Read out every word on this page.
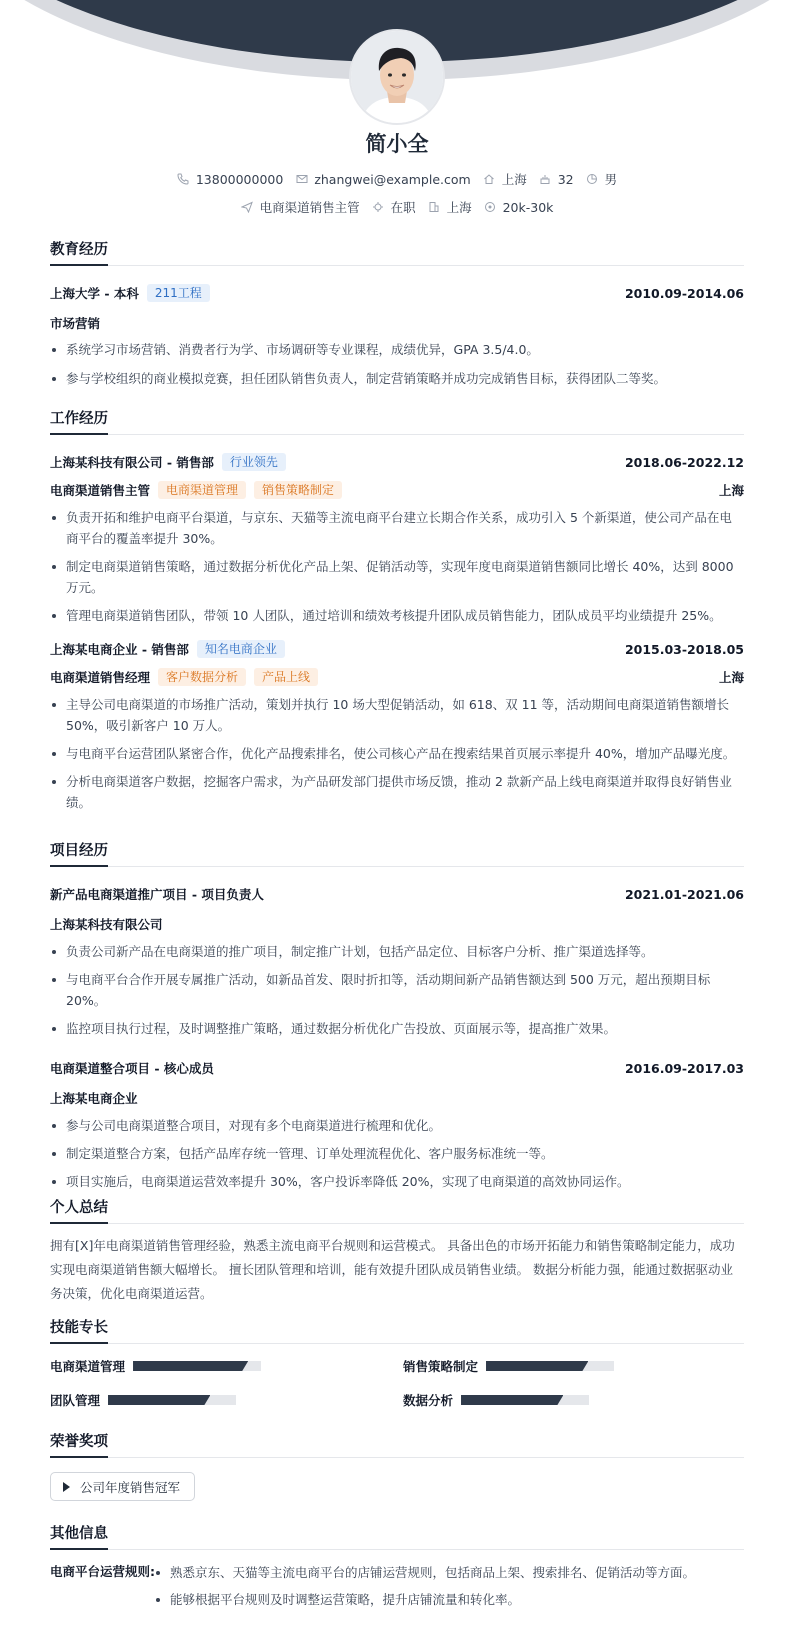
简小全
13800000000 zhangwei@example.com 上海 32 男
电商渠道销售主管 在职 上海 20k-30k
教育经历
上海大学 - 本科	211工程	2010.09-2014.06
市场营销
系统学习市场营销、消费者行为学、市场调研等专业课程，成绩优异，GPA 3.5/4.0。
参与学校组织的商业模拟竞赛，担任团队销售负责人，制定营销策略并成功完成销售目标，获得团队二等奖。
工作经历
上海某科技有限公司 - 销售部	行业领先	2018.06-2022.12
电商渠道销售主管	电商渠道管理	销售策略制定	上海
负责开拓和维护电商平台渠道，与京东、天猫等主流电商平台建立长期合作关系，成功引入 5 个新渠道，使公司产品在电商平台的覆盖率提升 30%。
制定电商渠道销售策略，通过数据分析优化产品上架、促销活动等，实现年度电商渠道销售额同比增长 40%，达到 8000 万元。
管理电商渠道销售团队，带领 10 人团队，通过培训和绩效考核提升团队成员销售能力，团队成员平均业绩提升 25%。
上海某电商企业 - 销售部	知名电商企业	2015.03-2018.05
电商渠道销售经理	客户数据分析	产品上线	上海
主导公司电商渠道的市场推广活动，策划并执行 10 场大型促销活动，如 618、双 11 等，活动期间电商渠道销售额增长 50%，吸引新客户 10 万人。
与电商平台运营团队紧密合作，优化产品搜索排名，使公司核心产品在搜索结果首页展示率提升 40%，增加产品曝光度。
分析电商渠道客户数据，挖掘客户需求，为产品研发部门提供市场反馈，推动 2 款新产品上线电商渠道并取得良好销售业绩。
项目经历
新产品电商渠道推广项目 - 项目负责人	2021.01-2021.06
上海某科技有限公司
负责公司新产品在电商渠道的推广项目，制定推广计划，包括产品定位、目标客户分析、推广渠道选择等。
与电商平台合作开展专属推广活动，如新品首发、限时折扣等，活动期间新产品销售额达到 500 万元，超出预期目标 20%。
监控项目执行过程，及时调整推广策略，通过数据分析优化广告投放、页面展示等，提高推广效果。
电商渠道整合项目 - 核心成员	2016.09-2017.03
上海某电商企业
参与公司电商渠道整合项目，对现有多个电商渠道进行梳理和优化。
制定渠道整合方案，包括产品库存统一管理、订单处理流程优化、客户服务标准统一等。
项目实施后，电商渠道运营效率提升 30%，客户投诉率降低 20%，实现了电商渠道的高效协同运作。
个人总结
拥有[X]年电商渠道销售管理经验，熟悉主流电商平台规则和运营模式。 具备出色的市场开拓能力和销售策略制定能力，成功实现电商渠道销售额大幅增长。 擅长团队管理和培训，能有效提升团队成员销售业绩。 数据分析能力强，能通过数据驱动业务决策，优化电商渠道运营。
技能专长
电商渠道管理	销售策略制定
团队管理	数据分析
荣誉奖项
公司年度销售冠军
其他信息
电商平台运营规则:	熟悉京东、天猫等主流电商平台的店铺运营规则，包括商品上架、搜索排名、促销活动等方面。
能够根据平台规则及时调整运营策略，提升店铺流量和转化率。
